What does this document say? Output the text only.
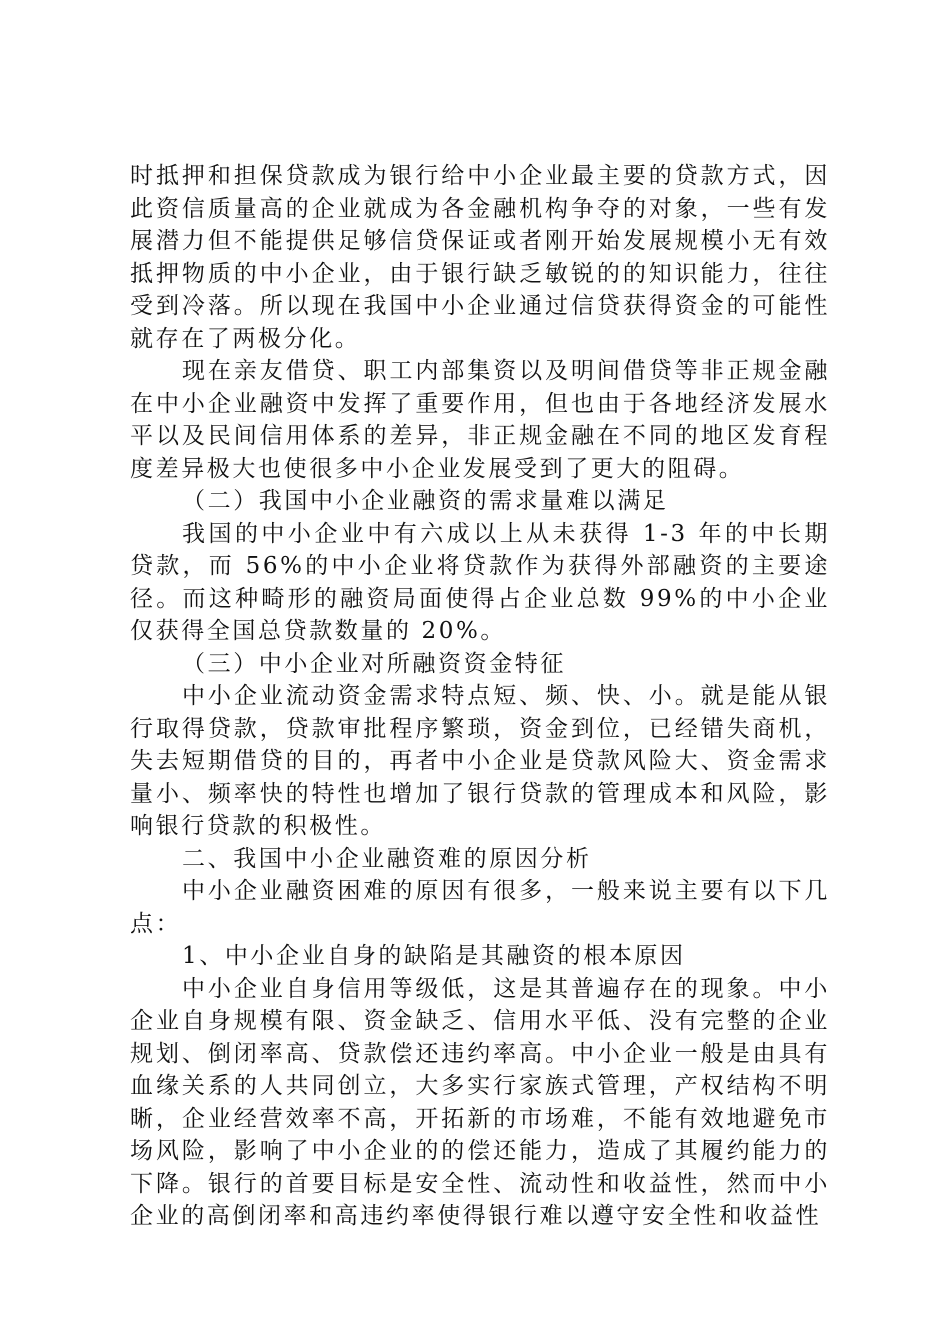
时抵押和担保贷款成为银行给中小企业最主要的贷款方式，因此资信质量高的企业就成为各金融机构争夺的对象，一些有发展潜力但不能提供足够信贷保证或者刚开始发展规模小无有效抵押物质的中小企业，由于银行缺乏敏锐的的知识能力，往往受到冷落。所以现在我国中小企业通过信贷获得资金的可能性就存在了两极分化。

现在亲友借贷、职工内部集资以及明间借贷等非正规金融在中小企业融资中发挥了重要作用，但也由于各地经济发展水平以及民间信用体系的差异，非正规金融在不同的地区发育程度差异极大也使很多中小企业发展受到了更大的阻碍。

（二）我国中小企业融资的需求量难以满足

我国的中小企业中有六成以上从未获得 1-3 年的中长期贷款，而 56%的中小企业将贷款作为获得外部融资的主要途径。而这种畸形的融资局面使得占企业总数 99%的中小企业仅获得全国总贷款数量的 20%。

（三）中小企业对所融资资金特征

中小企业流动资金需求特点短、频、快、小。就是能从银行取得贷款，贷款审批程序繁琐，资金到位，已经错失商机，失去短期借贷的目的，再者中小企业是贷款风险大、资金需求量小、频率快的特性也增加了银行贷款的管理成本和风险，影响银行贷款的积极性。

二、我国中小企业融资难的原因分析

中小企业融资困难的原因有很多，一般来说主要有以下几点：

1、中小企业自身的缺陷是其融资的根本原因

中小企业自身信用等级低，这是其普遍存在的现象。中小企业自身规模有限、资金缺乏、信用水平低、没有完整的企业规划、倒闭率高、贷款偿还违约率高。中小企业一般是由具有血缘关系的人共同创立，大多实行家族式管理，产权结构不明晰，企业经营效率不高，开拓新的市场难，不能有效地避免市场风险，影响了中小企业的的偿还能力，造成了其履约能力的下降。银行的首要目标是安全性、流动性和收益性，然而中小企业的高倒闭率和高违约率使得银行难以遵守安全性和收益性
